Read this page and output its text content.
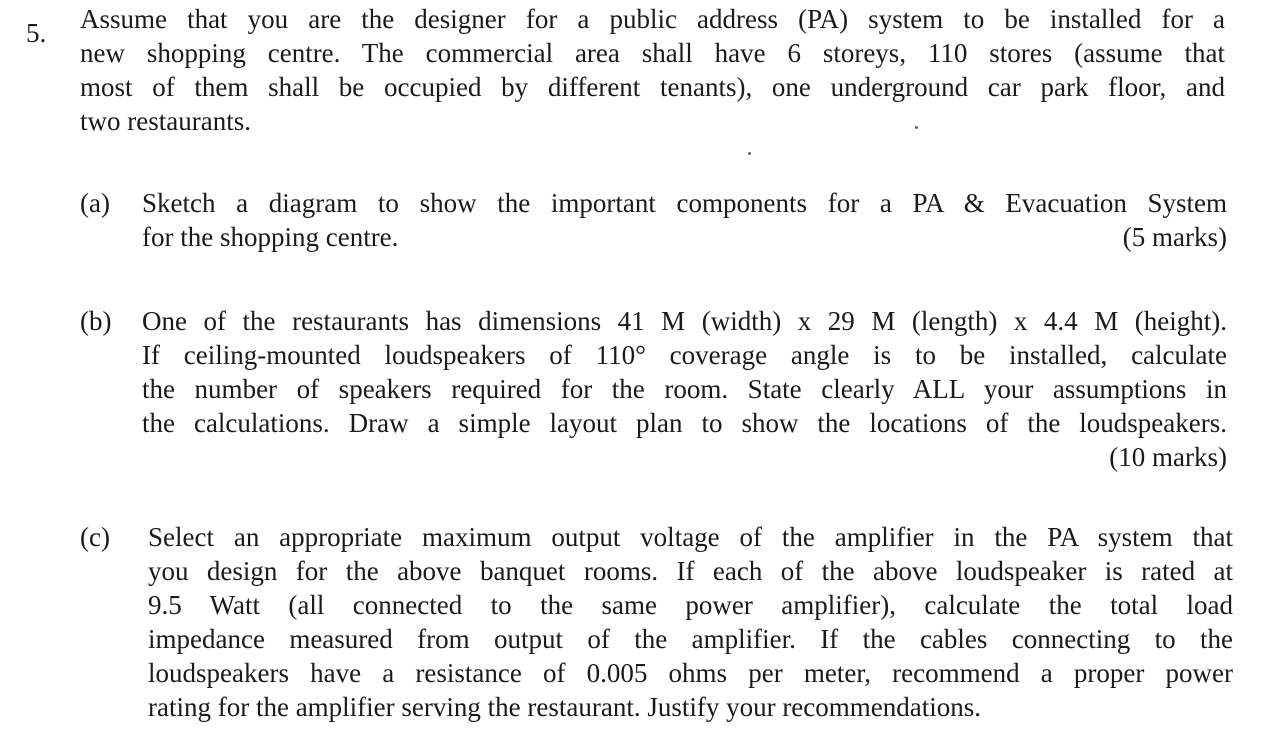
5. Assume that you are the designer for a public address (PA) system to be installed for a
new shopping centre. The commercial area shall have 6 storeys, 110 stores (assume that
most of them shall be occupied by different tenants), one underground car park floor, and
two restaurants.
(a) Sketch a diagram to show the important components for a PA & Evacuation System
for the shopping centre.	(5 marks)
(b) One of the restaurants has dimensions 41 M (width) x 29 M (length) x 4.4 M (height).
If ceiling-mounted loudspeakers of 110° coverage angle is to be installed, calculate
the number of speakers required for the room. State clearly ALL your assumptions in
the calculations. Draw a simple layout plan to show the locations of the loudspeakers.
(10 marks)
(c) Select an appropriate maximum output voltage of the amplifier in the PA system that
you design for the above banquet rooms. If each of the above loudspeaker is rated at
9.5 Watt (all connected to the same power amplifier), calculate the total load
impedance measured from output of the amplifier. If the cables connecting to the
loudspeakers have a resistance of 0.005 ohms per meter, recommend a proper power
rating for the amplifier serving the restaurant. Justify your recommendations.
